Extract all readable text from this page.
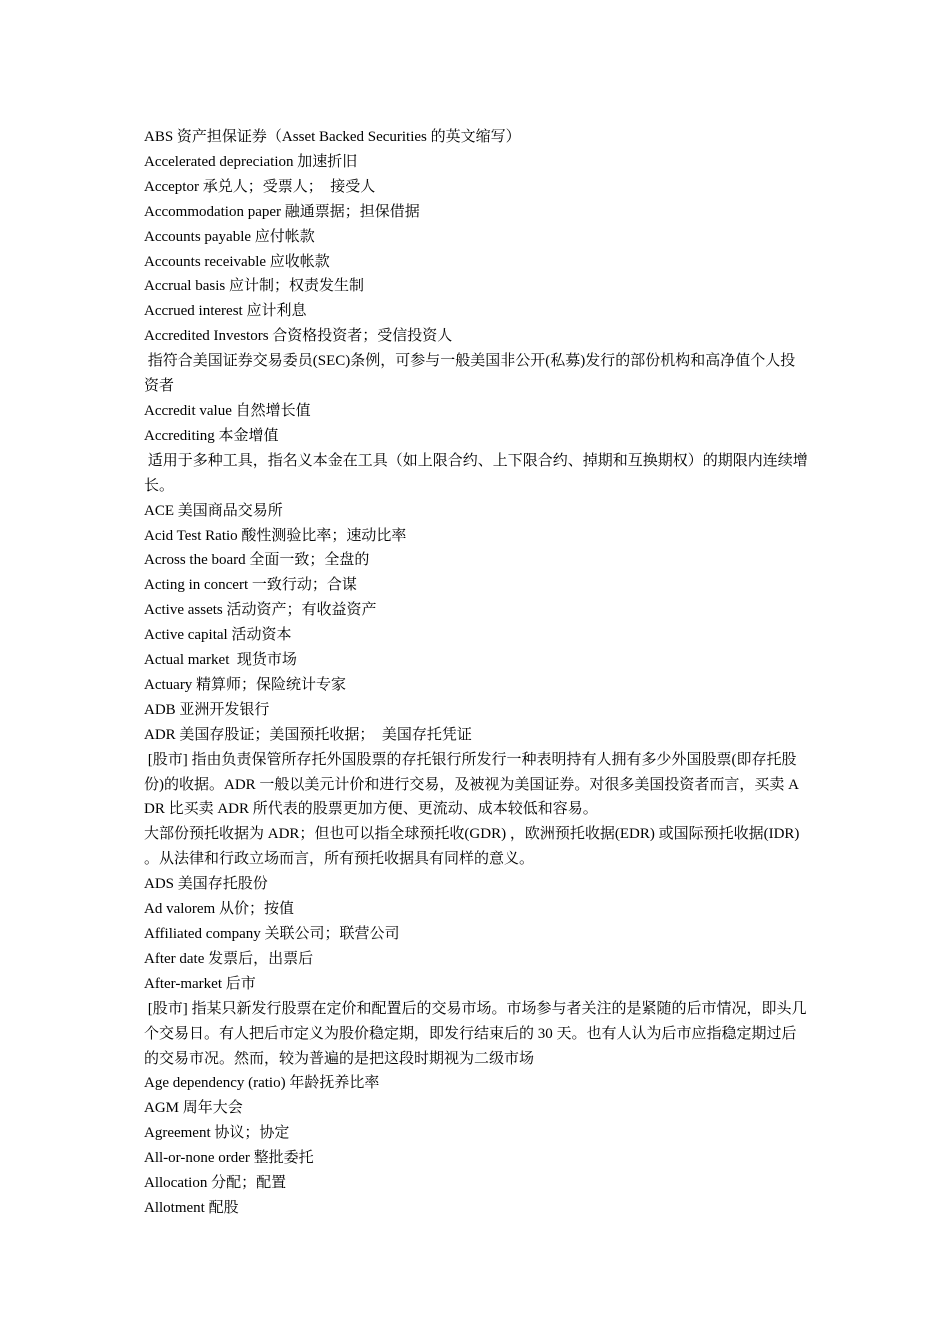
ABS 资产担保证券（Asset Backed Securities 的英文缩写）

Accelerated depreciation 加速折旧

Acceptor 承兑人；受票人；  接受人

Accommodation paper 融通票据；担保借据

Accounts payable 应付帐款

Accounts receivable 应收帐款

Accrual basis 应计制；权责发生制

Accrued interest 应计利息

Accredited Investors 合资格投资者；受信投资人

指符合美国证券交易委员(SEC)条例，可参与一般美国非公开(私募)发行的部份机构和高净值个人投资者

Accredit value 自然增长值

Accrediting 本金增值

适用于多种工具，指名义本金在工具（如上限合约、上下限合约、掉期和互换期权）的期限内连续增长。

ACE 美国商品交易所

Acid Test Ratio 酸性测验比率；速动比率

Across the board 全面一致；全盘的

Acting in concert 一致行动；合谋

Active assets 活动资产；有收益资产

Active capital 活动资本

Actual market  现货市场

Actuary 精算师；保险统计专家

ADB 亚洲开发银行

ADR 美国存股证；美国预托收据；  美国存托凭证

[股市] 指由负责保管所存托外国股票的存托银行所发行一种表明持有人拥有多少外国股票(即存托股份)的收据。ADR 一般以美元计价和进行交易，及被视为美国证券。对很多美国投资者而言，买卖 ADR 比买卖 ADR 所代表的股票更加方便、更流动、成本较低和容易。

大部份预托收据为 ADR；但也可以指全球预托收(GDR) ，欧洲预托收据(EDR) 或国际预托收据(IDR) 。从法律和行政立场而言，所有预托收据具有同样的意义。

ADS 美国存托股份

Ad valorem 从价；按值

Affiliated company 关联公司；联营公司

After date 发票后，出票后

After-market 后市

[股市] 指某只新发行股票在定价和配置后的交易市场。市场参与者关注的是紧随的后市情况，即头几个交易日。有人把后市定义为股价稳定期，即发行结束后的 30 天。也有人认为后市应指稳定期过后的交易市况。然而，较为普遍的是把这段时期视为二级市场

Age dependency (ratio) 年龄抚养比率

AGM 周年大会

Agreement 协议；协定

All-or-none order 整批委托

Allocation 分配；配置

Allotment 配股
